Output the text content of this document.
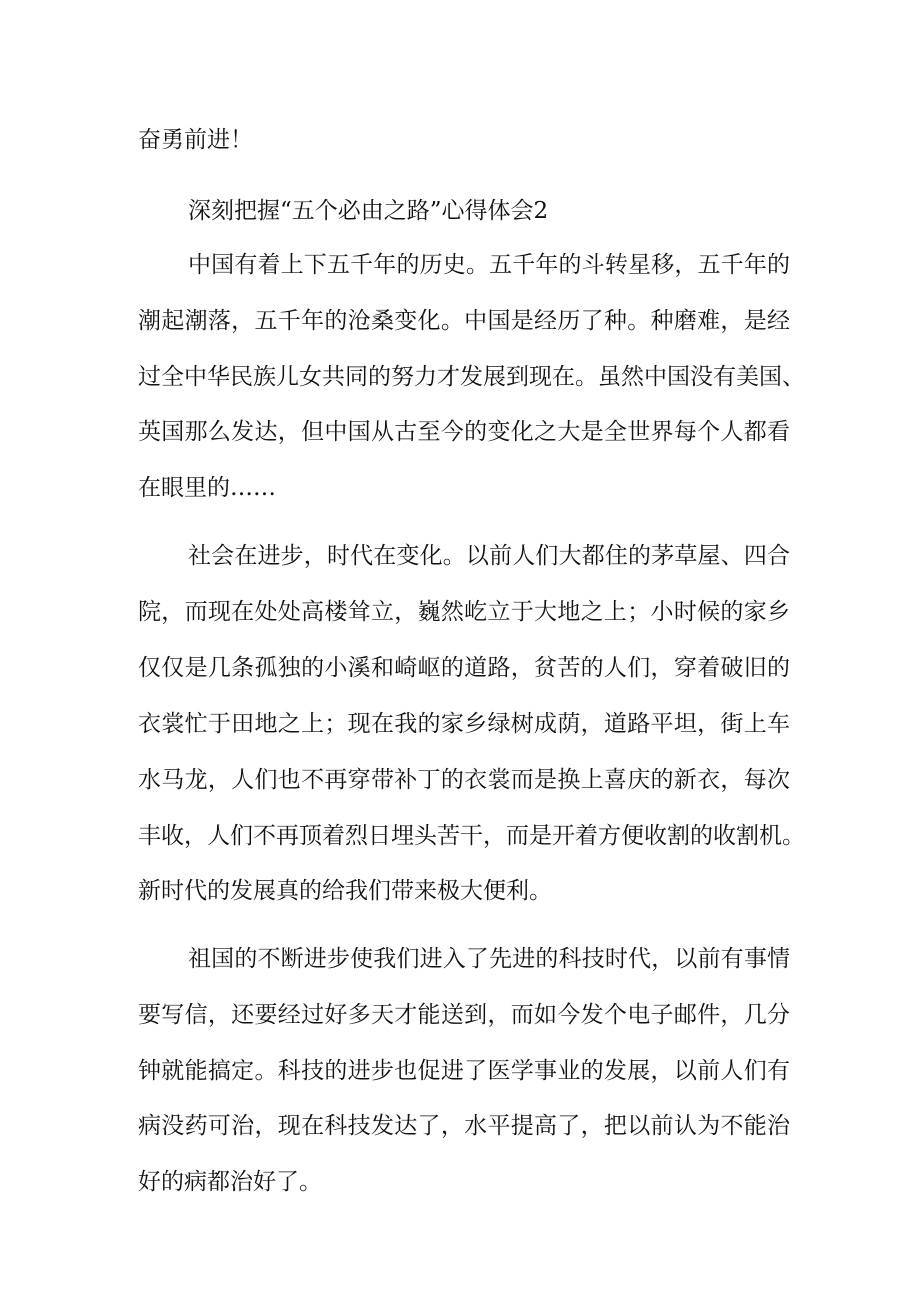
奋勇前进！
深刻把握“五个必由之路”心得体会2
中国有着上下五千年的历史。五千年的斗转星移，五千年的
潮起潮落，五千年的沧桑变化。中国是经历了种。种磨难，是经
过全中华民族儿女共同的努力才发展到现在。虽然中国没有美国、
英国那么发达，但中国从古至今的变化之大是全世界每个人都看
在眼里的……
社会在进步，时代在变化。以前人们大都住的茅草屋、四合
院，而现在处处高楼耸立，巍然屹立于大地之上；小时候的家乡
仅仅是几条孤独的小溪和崎岖的道路，贫苦的人们，穿着破旧的
衣裳忙于田地之上；现在我的家乡绿树成荫，道路平坦，街上车
水马龙，人们也不再穿带补丁的衣裳而是换上喜庆的新衣，每次
丰收，人们不再顶着烈日埋头苦干，而是开着方便收割的收割机。
新时代的发展真的给我们带来极大便利。
祖国的不断进步使我们进入了先进的科技时代，以前有事情
要写信，还要经过好多天才能送到，而如今发个电子邮件，几分
钟就能搞定。科技的进步也促进了医学事业的发展，以前人们有
病没药可治，现在科技发达了，水平提高了，把以前认为不能治
好的病都治好了。
